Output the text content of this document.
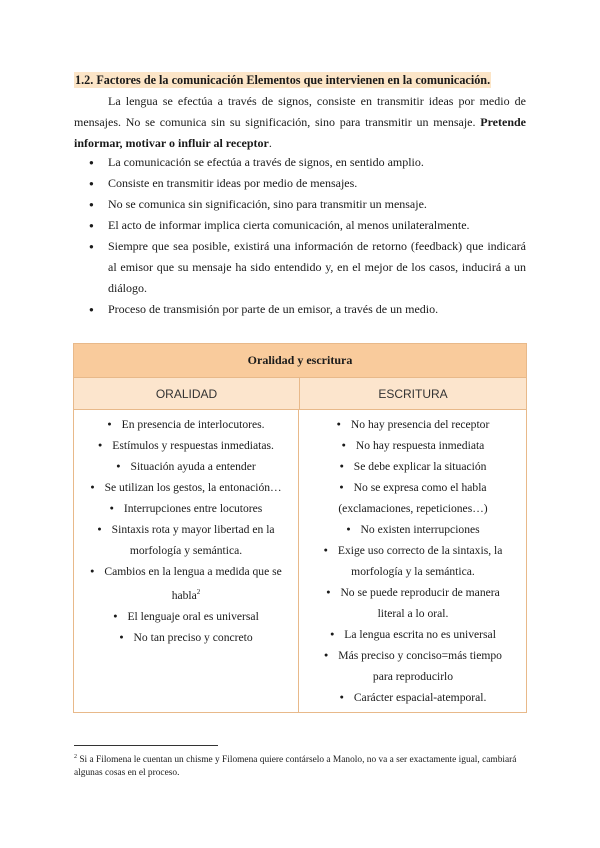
1.2. Factores de la comunicación Elementos que intervienen en la comunicación.
La lengua se efectúa a través de signos, consiste en transmitir ideas por medio de mensajes. No se comunica sin su significación, sino para transmitir un mensaje. Pretende informar, motivar o influir al receptor.
● La comunicación se efectúa a través de signos, en sentido amplio.
● Consiste en transmitir ideas por medio de mensajes.
● No se comunica sin significación, sino para transmitir un mensaje.
● El acto de informar implica cierta comunicación, al menos unilateralmente.
● Siempre que sea posible, existirá una información de retorno (feedback) que indicará al emisor que su mensaje ha sido entendido y, en el mejor de los casos, inducirá a un diálogo.
● Proceso de transmisión por parte de un emisor, a través de un medio.
Oralidad y escritura
ORALIDAD	ESCRITURA
● En presencia de interlocutores.
● Estímulos y respuestas inmediatas.
● Situación ayuda a entender
● Se utilizan los gestos, la entonación…
● Interrupciones entre locutores
● Sintaxis rota y mayor libertad en la morfología y semántica.
● Cambios en la lengua a medida que se habla$^2$
● El lenguaje oral es universal
● No tan preciso y concreto
● No hay presencia del receptor
● No hay respuesta inmediata
● Se debe explicar la situación
● No se expresa como el habla (exclamaciones, repeticiones…)
● No existen interrupciones
● Exige uso correcto de la sintaxis, la morfología y la semántica.
● No se puede reproducir de manera literal a lo oral.
● La lengua escrita no es universal
● Más preciso y conciso=más tiempo para reproducirlo
● Carácter espacial-atemporal.
$^2$ Si a Filomena le cuentan un chisme y Filomena quiere contárselo a Manolo, no va a ser exactamente igual, cambiará algunas cosas en el proceso.
